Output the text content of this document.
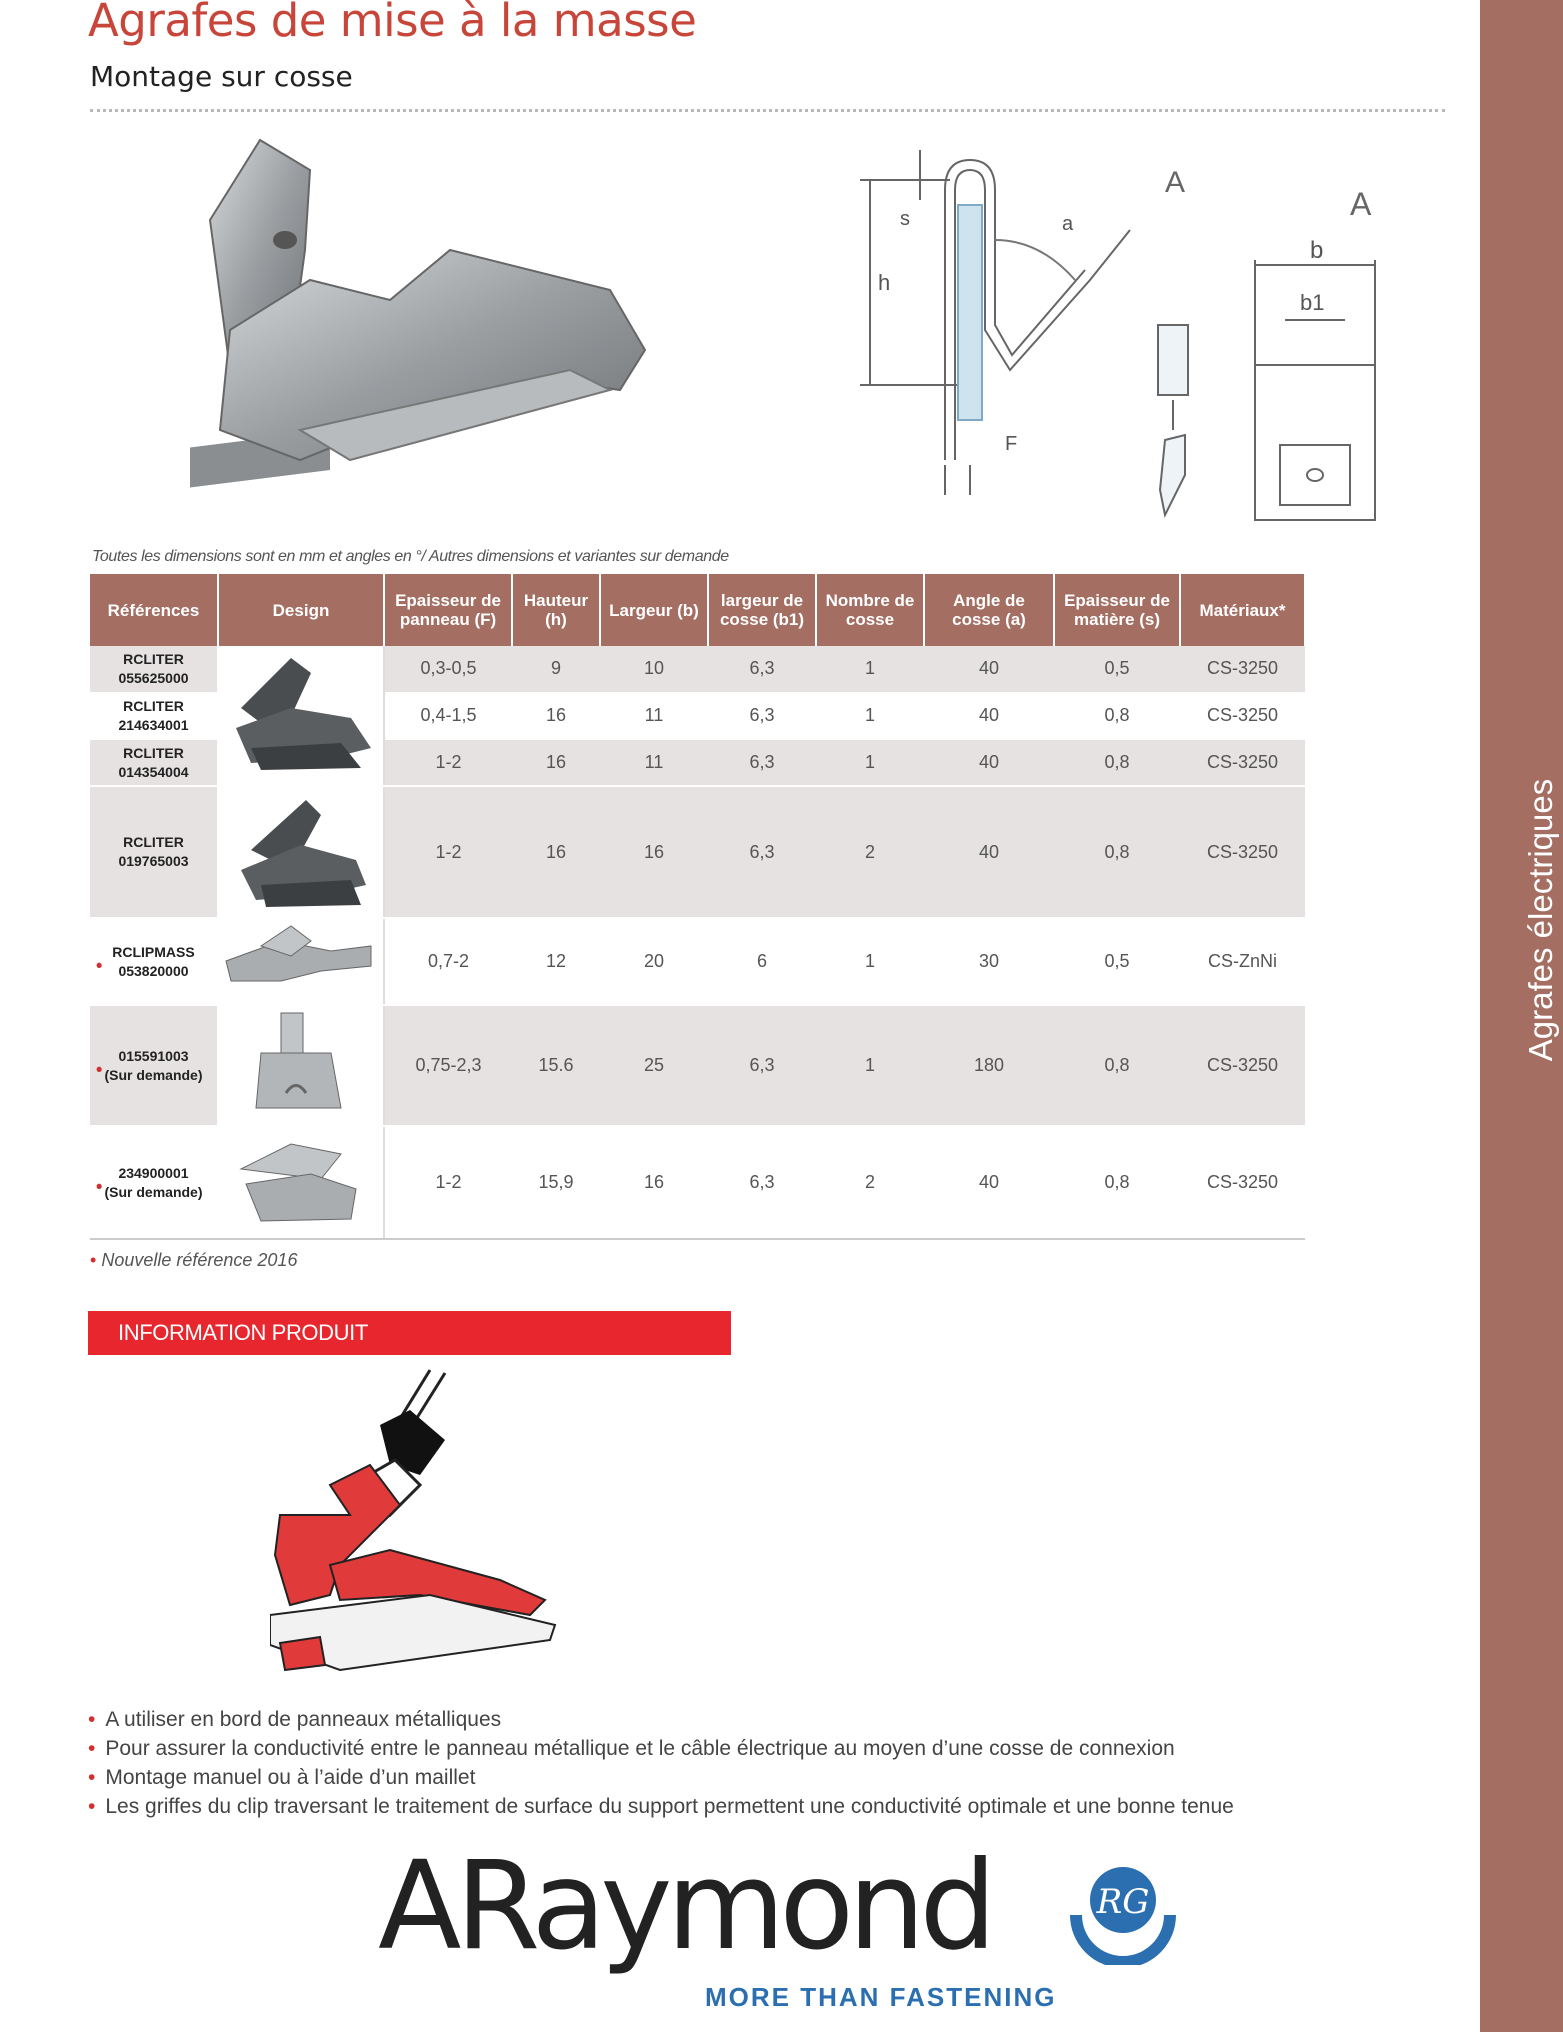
Agrafes électriques
Agrafes de mise à la masse
Montage sur cosse
h
s	a
F
A
A
b
b1
Toutes les dimensions sont en mm et angles en °/ Autres dimensions et variantes sur demande
Références	Design	Epaisseur de panneau (F)	Hauteur (h)	Largeur (b)	largeur de cosse (b1)	Nombre de cosse	Angle de cosse (a)	Epaisseur de matière (s)	Matériaux*

RCLITER
055625000		0,3-0,5	9	10	6,3	1	40	0,5	CS-3250

RCLITER
214634001		0,4-1,5	16	11	6,3	1	40	0,8	CS-3250

RCLITER
014354004		1-2	16	11	6,3	1	40	0,8	CS-3250

RCLITER
019765003		1-2	16	16	6,3	2	40	0,8	CS-3250

•
RCLIPMASS
053820000		0,7-2	12	20	6	1	30	0,5	CS-ZnNi

•
015591003
(Sur demande)		0,75-2,3	15.6	25	6,3	1	180	0,8	CS-3250

•
234900001
(Sur demande)		1-2	15,9	16	6,3	2	40	0,8	CS-3250
• Nouvelle référence 2016
INFORMATION PRODUIT
• A utiliser en bord de panneaux métalliques
• Pour assurer la conductivité entre le panneau métallique et le câble électrique au moyen d’une cosse de connexion
• Montage manuel ou à l’aide d’un maillet
• Les griffes du clip traversant le traitement de surface du support permettent une conductivité optimale et une bonne tenue
ARaymond	RG
MORE THAN FASTENING
